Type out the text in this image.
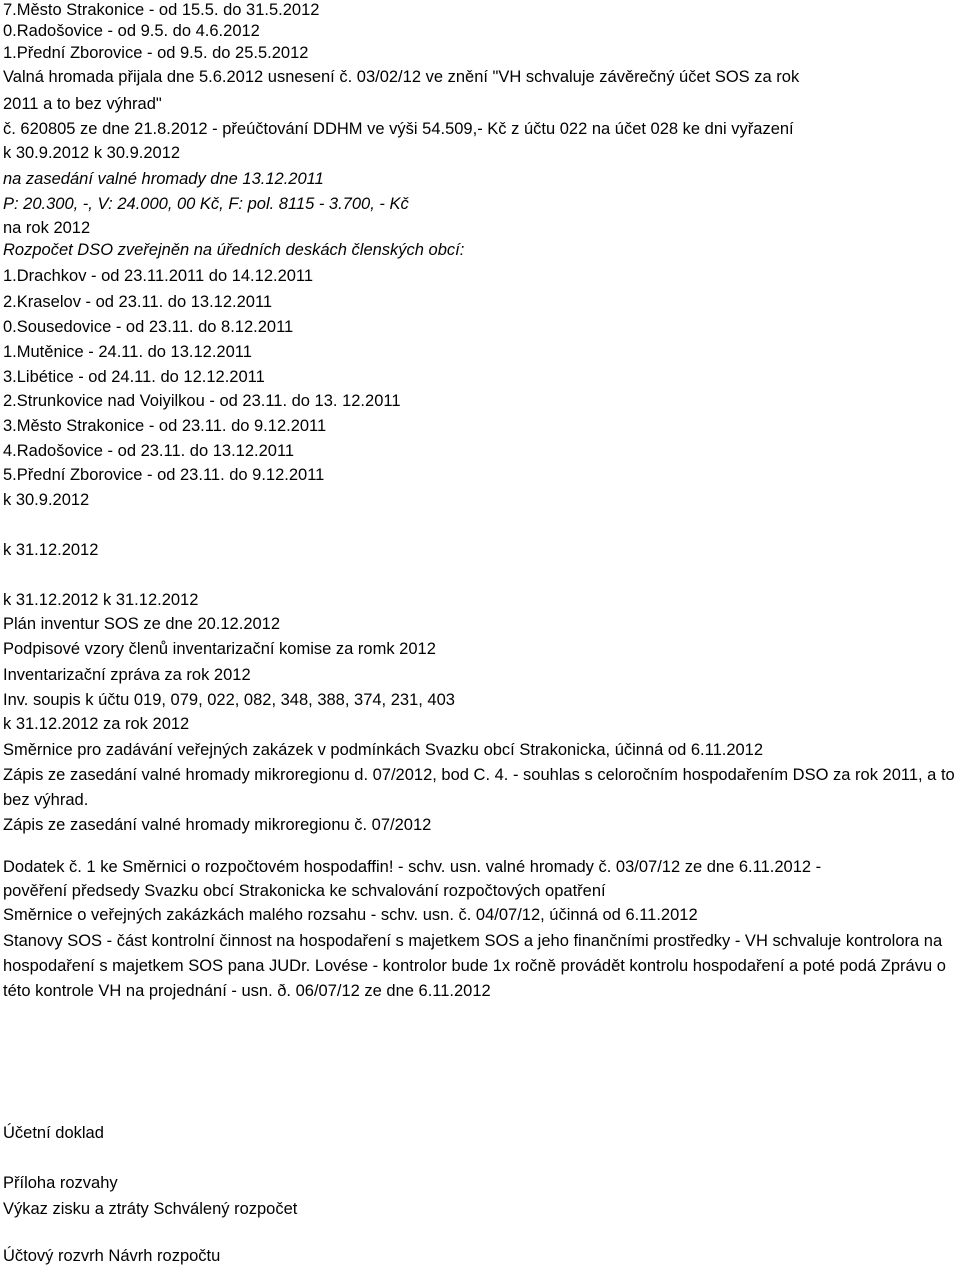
7.Město Strakonice - od 15.5. do 31.5.2012
0.Radošovice - od 9.5. do 4.6.2012
1.Přední Zborovice - od 9.5. do 25.5.2012
Valná hromada přijala dne 5.6.2012 usnesení č. 03/02/12 ve znění "VH schvaluje závěrečný účet SOS za rok
2011 a to bez výhrad"
č. 620805 ze dne 21.8.2012 - přeúčtování DDHM ve výši 54.509,- Kč z účtu 022 na účet 028 ke dni vyřazení
k 30.9.2012 k 30.9.2012
na zasedání valné hromady dne 13.12.2011
P: 20.300, -, V: 24.000, 00 Kč, F: pol. 8115 - 3.700, - Kč
na rok 2012
Rozpočet DSO zveřejněn na úředních deskách členských obcí:
1.Drachkov - od 23.11.2011 do 14.12.2011
2.Kraselov - od 23.11. do 13.12.2011
0.Sousedovice - od 23.11. do 8.12.2011
1.Mutěnice - 24.11. do 13.12.2011
3.Libétice - od 24.11. do 12.12.2011
2.Strunkovice nad Voiyilkou - od 23.11. do 13. 12.2011
3.Město Strakonice - od 23.11. do 9.12.2011
4.Radošovice - od 23.11. do 13.12.2011
5.Přední Zborovice - od 23.11. do 9.12.2011
k 30.9.2012
k 31.12.2012
k 31.12.2012 k 31.12.2012
Plán inventur SOS ze dne 20.12.2012
Podpisové vzory členů inventarizační komise za romk 2012
Inventarizační zpráva za rok 2012
Inv. soupis k účtu 019, 079, 022, 082, 348, 388, 374, 231, 403
k 31.12.2012 za rok 2012
Směrnice pro zadávání veřejných zakázek v podmínkách Svazku obcí Strakonicka, účinná od 6.11.2012
Zápis ze zasedání valné hromady mikroregionu d. 07/2012, bod C. 4. - souhlas s celoročním hospodařením DSO za rok 2011, a to bez výhrad.
Zápis ze zasedání valné hromady mikroregionu č. 07/2012
Dodatek č. 1 ke Směrnici o rozpočtovém hospodaffin! - schv. usn. valné hromady č. 03/07/12 ze dne 6.11.2012 -
pověření předsedy Svazku obcí Strakonicka ke schvalování rozpočtových opatření
Směrnice o veřejných zakázkách malého rozsahu - schv. usn. č. 04/07/12, účinná od 6.11.2012
Stanovy SOS - část kontrolní činnost na hospodaření s majetkem SOS a jeho finančními prostředky - VH schvaluje kontrolora na hospodaření s majetkem SOS pana JUDr. Lovése - kontrolor bude 1x ročně provádět kontrolu hospodaření a poté podá Zprávu o této kontrole VH na projednání - usn. ð. 06/07/12 ze dne 6.11.2012
Účetní doklad
Příloha rozvahy
Výkaz zisku a ztráty Schválený rozpočet
Účtový rozvrh Návrh rozpočtu
